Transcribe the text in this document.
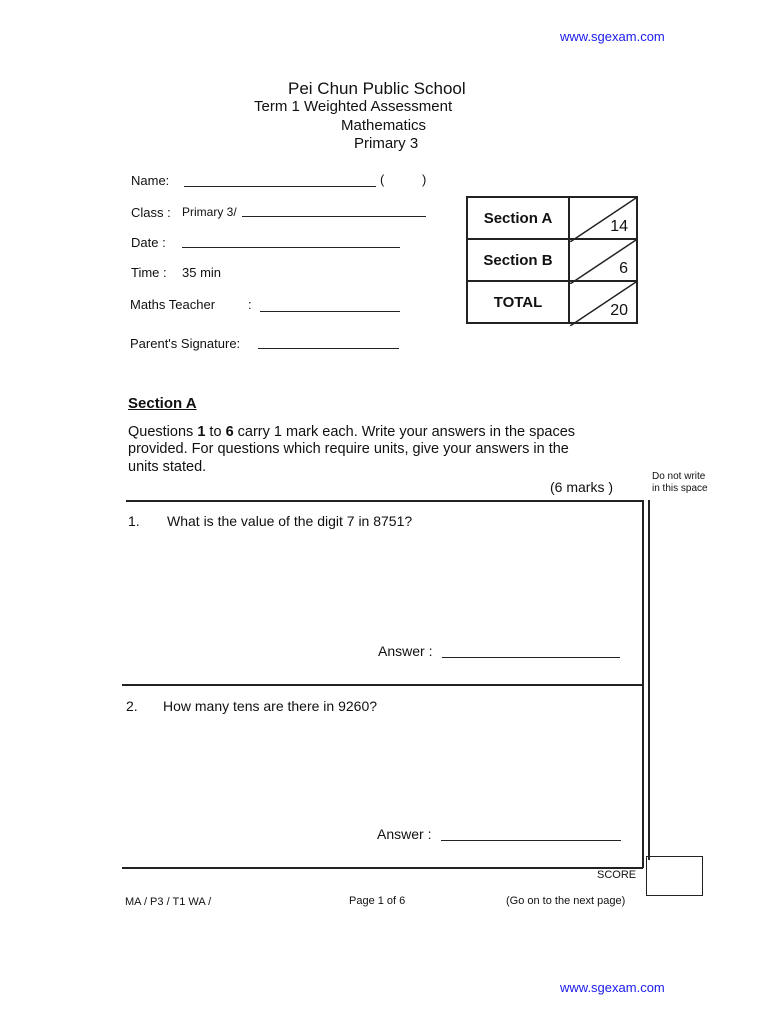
www.sgexam.com
Pei Chun Public School
Term 1 Weighted Assessment
Mathematics
Primary 3
Name:	(	)
Class : Primary 3/
Date :
Time : 35 min
Maths Teacher	:
Parent's Signature:
Section A	14

Section B	6

TOTAL	20
Section A
Questions 1 to 6 carry 1 mark each. Write your answers in the spaces
provided. For questions which require units, give your answers in the
units stated.
(6 marks )
Do not write
in this space
1. What is the value of the digit 7 in 8751?
Answer :
2. How many tens are there in 9260?
Answer :
SCORE
MA / P3 / T1 WA /	Page 1 of 6	(Go on to the next page)
www.sgexam.com
